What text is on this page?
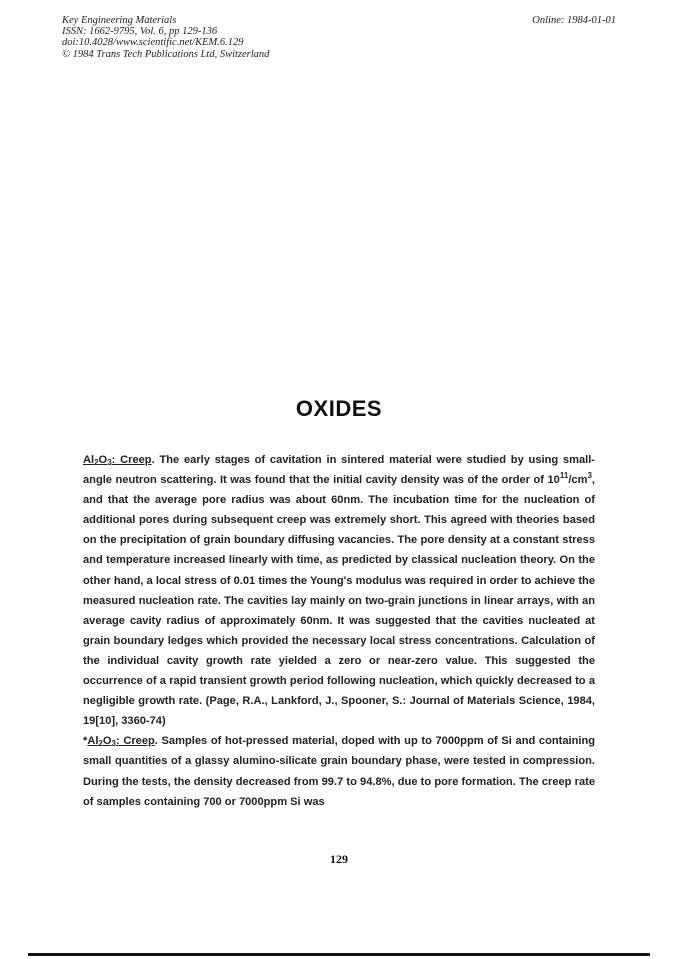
Key Engineering Materials
ISSN: 1662-9795, Vol. 6, pp 129-136
doi:10.4028/www.scientific.net/KEM.6.129
© 1984 Trans Tech Publications Ltd, Switzerland
Online: 1984-01-01
OXIDES

$Al_2O_3$: Creep. The early stages of cavitation in sintered material were studied by using small-angle neutron scattering. It was found that the initial cavity density was of the order of $10^{11}/cm^3$, and that the average pore radius was about 60nm. The incubation time for the nucleation of additional pores during subsequent creep was extremely short. This agreed with theories based on the precipitation of grain boundary diffusing vacancies. The pore density at a constant stress and temperature increased linearly with time, as predicted by classical nucleation theory. On the other hand, a local stress of 0.01 times the Young's modulus was required in order to achieve the measured nucleation rate. The cavities lay mainly on two-grain junctions in linear arrays, with an average cavity radius of approximately 60nm. It was suggested that the cavities nucleated at grain boundary ledges which provided the necessary local stress concentrations. Calculation of the individual cavity growth rate yielded a zero or near-zero value. This suggested the occurrence of a rapid transient growth period following nucleation, which quickly decreased to a negligible growth rate. (Page, R.A., Lankford, J., Spooner, S.: Journal of Materials Science, 1984, 19[10], 3360-74)

$*Al_2O_3$: Creep. Samples of hot-pressed material, doped with up to 7000ppm of Si and containing small quantities of a glassy alumino-silicate grain boundary phase, were tested in compression. During the tests, the density decreased from 99.7 to 94.8%, due to pore formation. The creep rate of samples containing 700 or 7000ppm Si was

129
